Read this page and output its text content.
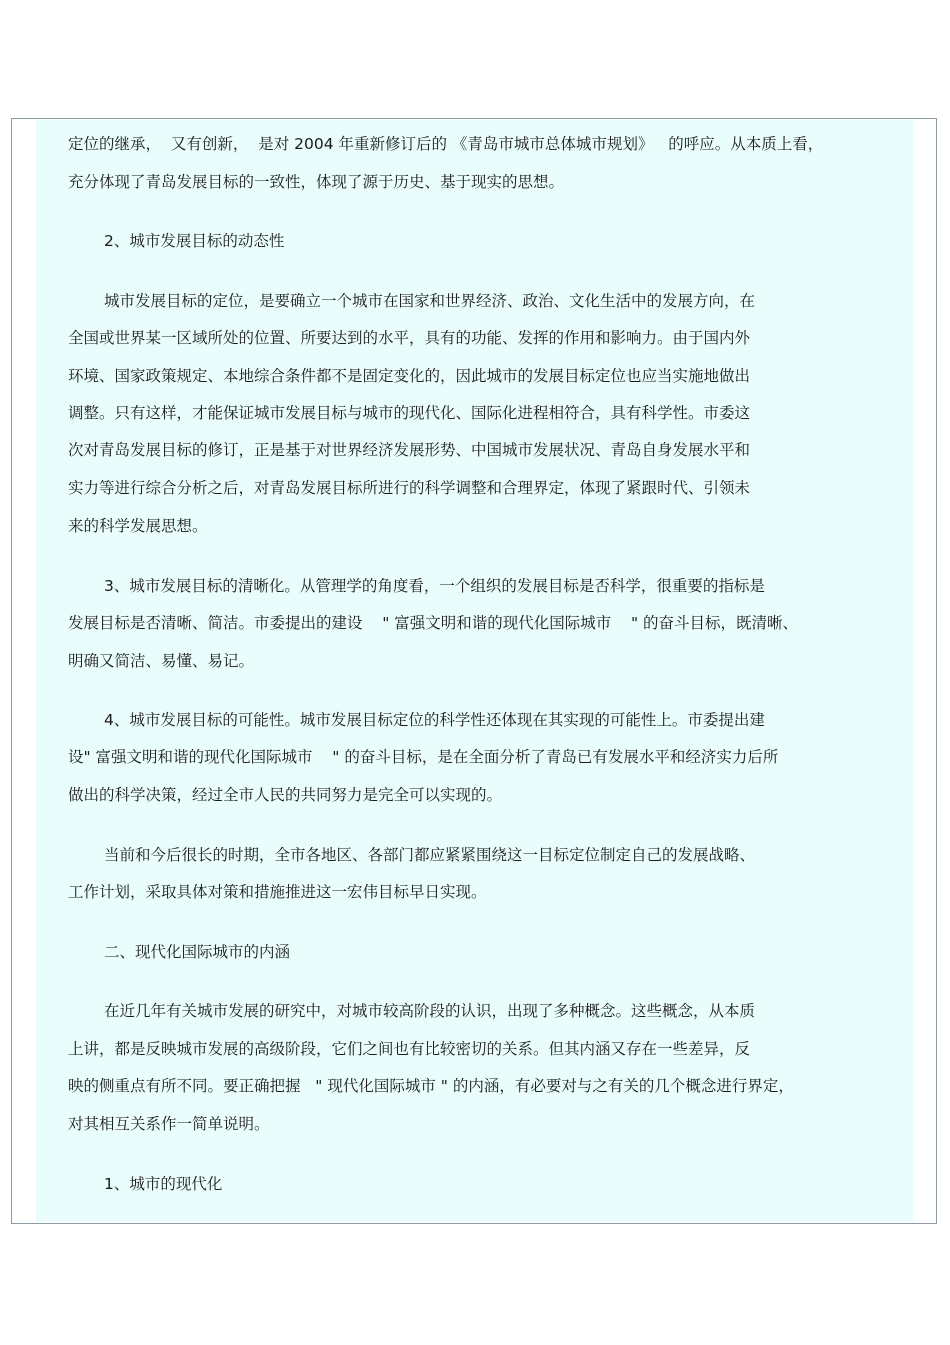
定位的继承，  又有创新，  是对 2004 年重新修订后的 《青岛市城市总体城市规划》   的呼应。从本质上看，

充分体现了青岛发展目标的一致性，体现了源于历史、基于现实的思想。

2、城市发展目标的动态性

城市发展目标的定位，是要确立一个城市在国家和世界经济、政治、文化生活中的发展方向，在

全国或世界某一区域所处的位置、所要达到的水平，具有的功能、发挥的作用和影响力。由于国内外

环境、国家政策规定、本地综合条件都不是固定变化的，因此城市的发展目标定位也应当实施地做出

调整。只有这样，才能保证城市发展目标与城市的现代化、国际化进程相符合，具有科学性。市委这

次对青岛发展目标的修订，正是基于对世界经济发展形势、中国城市发展状况、青岛自身发展水平和

实力等进行综合分析之后，对青岛发展目标所进行的科学调整和合理界定，体现了紧跟时代、引领未

来的科学发展思想。

3、城市发展目标的清晰化。从管理学的角度看，一个组织的发展目标是否科学，很重要的指标是

发展目标是否清晰、简洁。市委提出的建设    " 富强文明和谐的现代化国际城市    " 的奋斗目标，既清晰、

明确又简洁、易懂、易记。

4、城市发展目标的可能性。城市发展目标定位的科学性还体现在其实现的可能性上。市委提出建

设" 富强文明和谐的现代化国际城市    " 的奋斗目标，是在全面分析了青岛已有发展水平和经济实力后所

做出的科学决策，经过全市人民的共同努力是完全可以实现的。

当前和今后很长的时期，全市各地区、各部门都应紧紧围绕这一目标定位制定自己的发展战略、

工作计划，采取具体对策和措施推进这一宏伟目标早日实现。

二、现代化国际城市的内涵

在近几年有关城市发展的研究中，对城市较高阶段的认识，出现了多种概念。这些概念，从本质

上讲，都是反映城市发展的高级阶段，它们之间也有比较密切的关系。但其内涵又存在一些差异，反

映的侧重点有所不同。要正确把握   " 现代化国际城市 " 的内涵，有必要对与之有关的几个概念进行界定，

对其相互关系作一简单说明。

1、城市的现代化
